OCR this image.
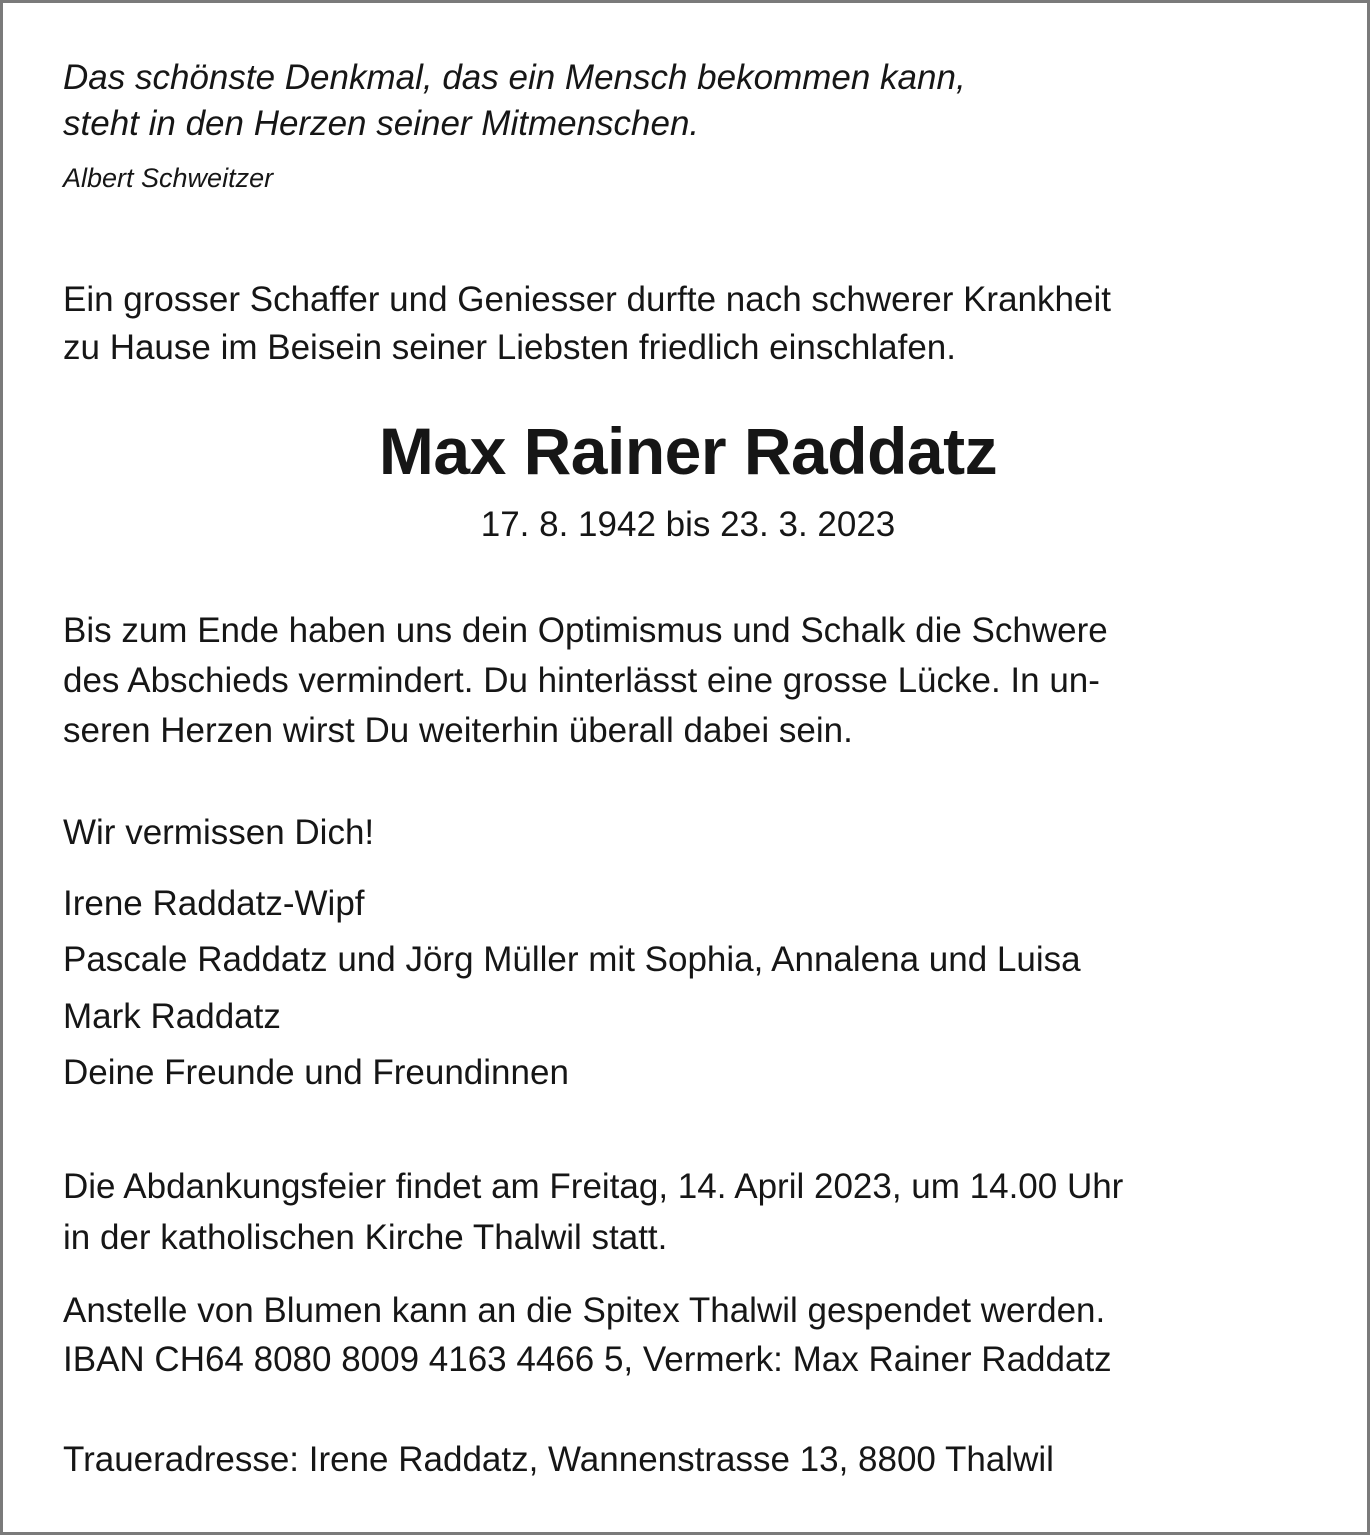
Das schönste Denkmal, das ein Mensch bekommen kann,

steht in den Herzen seiner Mitmenschen.

Albert Schweitzer

Ein grosser Schaffer und Geniesser durfte nach schwerer Krankheit

zu Hause im Beisein seiner Liebsten friedlich einschlafen.

Max Rainer Raddatz

17. 8. 1942 bis 23. 3. 2023

Bis zum Ende haben uns dein Optimismus und Schalk die Schwere

des Abschieds vermindert. Du hinterlässt eine grosse Lücke. In un-

seren Herzen wirst Du weiterhin überall dabei sein.

Wir vermissen Dich!

Irene Raddatz-Wipf

Pascale Raddatz und Jörg Müller mit Sophia, Annalena und Luisa

Mark Raddatz

Deine Freunde und Freundinnen

Die Abdankungsfeier findet am Freitag, 14. April 2023, um 14.00 Uhr

in der katholischen Kirche Thalwil statt.

Anstelle von Blumen kann an die Spitex Thalwil gespendet werden.

IBAN CH64 8080 8009 4163 4466 5, Vermerk: Max Rainer Raddatz

Traueradresse: Irene Raddatz, Wannenstrasse 13, 8800 Thalwil
